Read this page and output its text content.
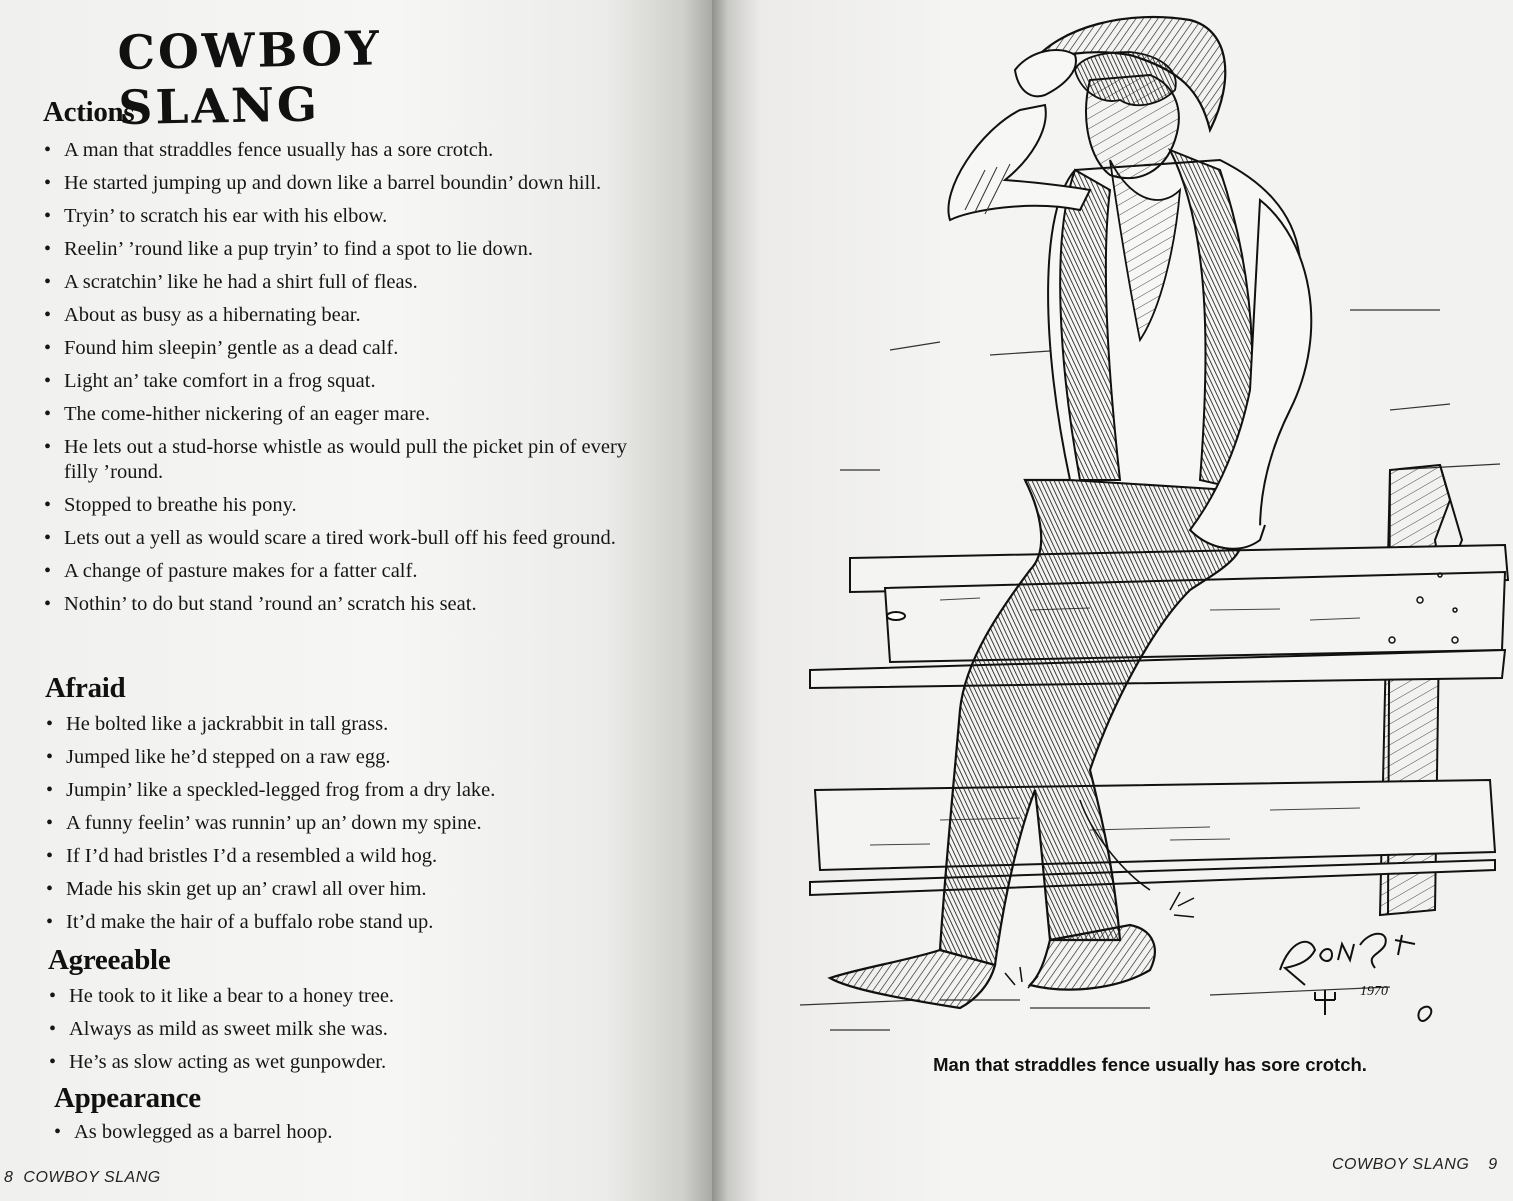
COWBOY SLANG
Actions
• A man that straddles fence usually has a sore crotch.
• He started jumping up and down like a barrel boundin’ down hill.
• Tryin’ to scratch his ear with his elbow.
• Reelin’ ’round like a pup tryin’ to find a spot to lie down.
• A scratchin’ like he had a shirt full of fleas.
• About as busy as a hibernating bear.
• Found him sleepin’ gentle as a dead calf.
• Light an’ take comfort in a frog squat.
• The come-hither nickering of an eager mare.
• He lets out a stud-horse whistle as would pull the picket pin of every filly ’round.
• Stopped to breathe his pony.
• Lets out a yell as would scare a tired work-bull off his feed ground.
• A change of pasture makes for a fatter calf.
• Nothin’ to do but stand ’round an’ scratch his seat.
Afraid
• He bolted like a jackrabbit in tall grass.
• Jumped like he’d stepped on a raw egg.
• Jumpin’ like a speckled-legged frog from a dry lake.
• A funny feelin’ was runnin’ up an’ down my spine.
• If I’d had bristles I’d a resembled a wild hog.
• Made his skin get up an’ crawl all over him.
• It’d make the hair of a buffalo robe stand up.
Agreeable
• He took to it like a bear to a honey tree.
• Always as mild as sweet milk she was.
• He’s as slow acting as wet gunpowder.
Appearance
• As bowlegged as a barrel hoop.
8 COWBOY SLANG
1970
Man that straddles fence usually has sore crotch.
COWBOY SLANG 9
